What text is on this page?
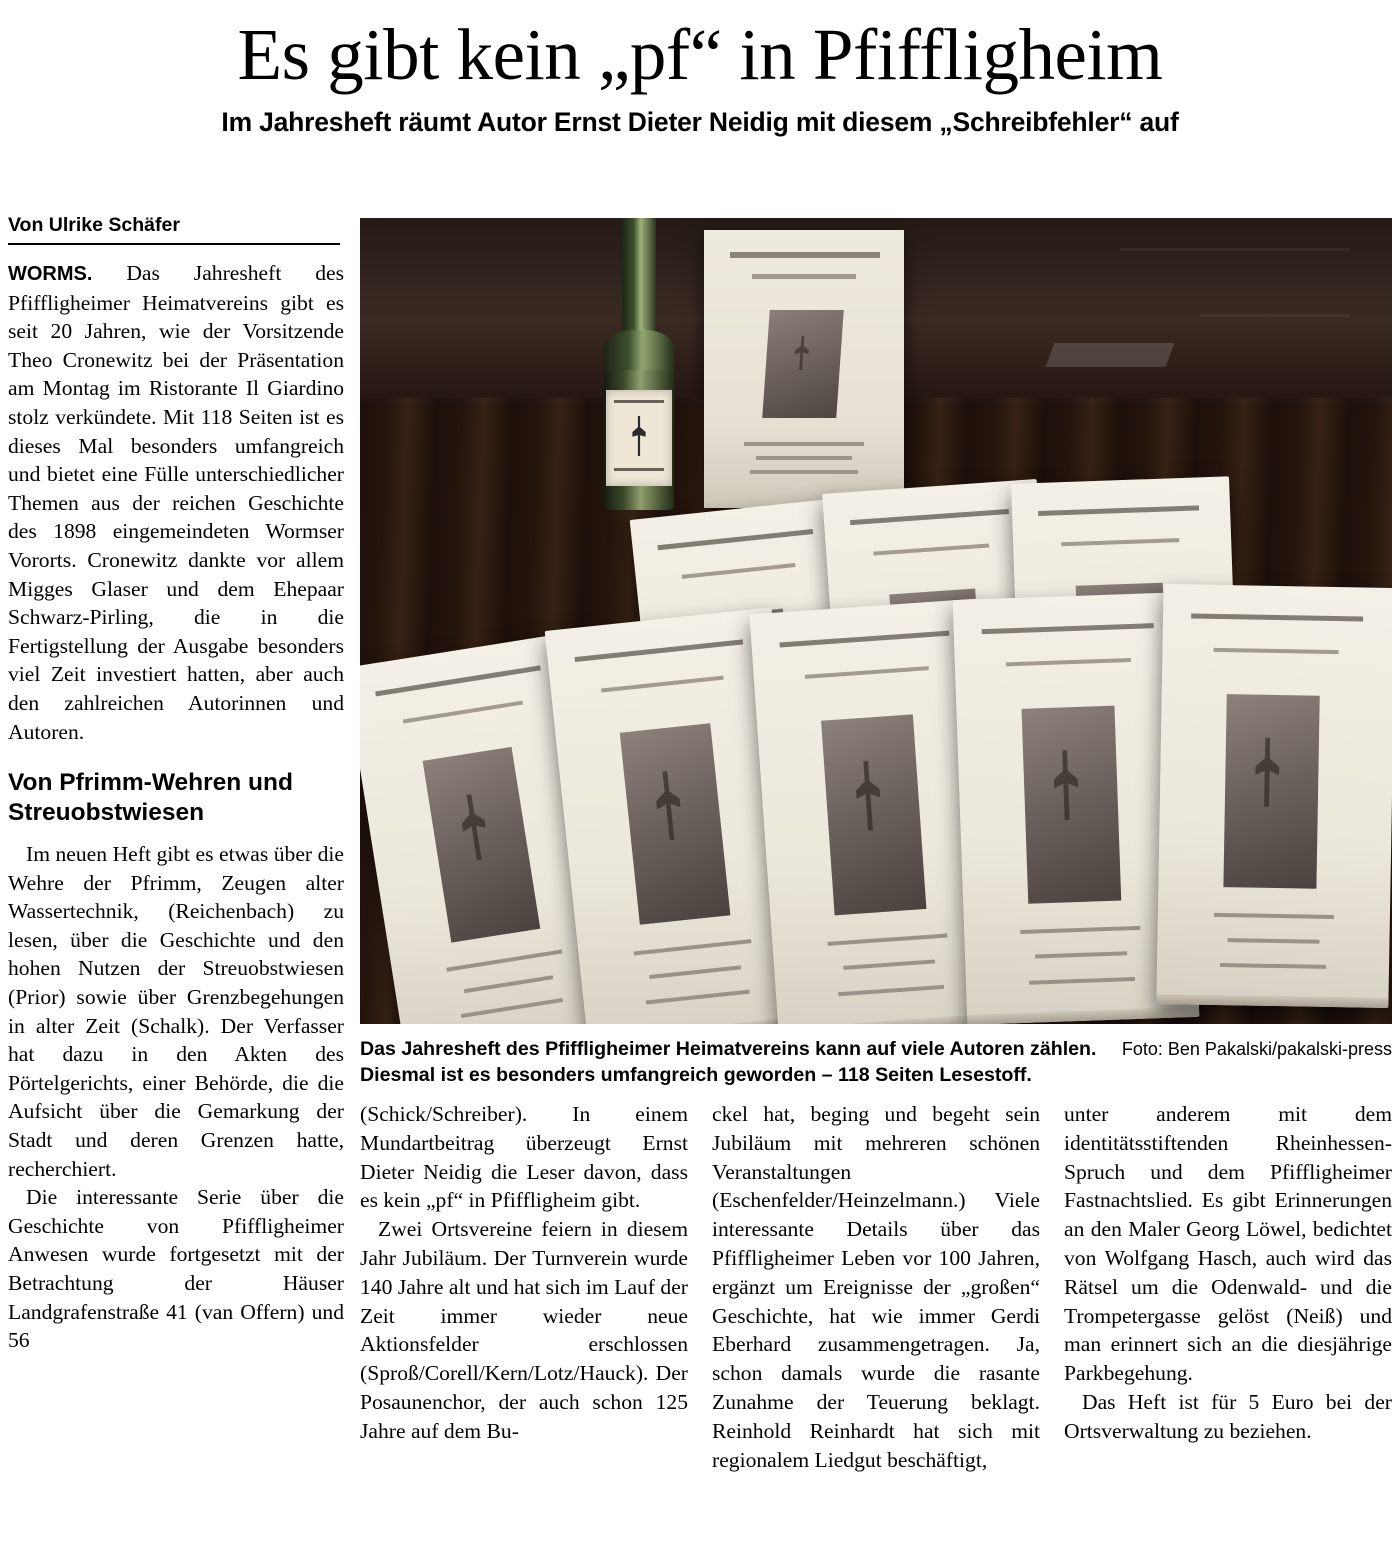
Es gibt kein „pf“ in Pfiffligheim
Im Jahresheft räumt Autor Ernst Dieter Neidig mit diesem „Schreibfehler“ auf
Von Ulrike Schäfer

WORMS. Das Jahresheft des Pfiffligheimer Heimatvereins gibt es seit 20 Jahren, wie der Vorsitzende Theo Cronewitz bei der Präsentation am Montag im Ristorante Il Giardino stolz verkündete. Mit 118 Seiten ist es dieses Mal besonders umfangreich und bietet eine Fülle unterschiedlicher Themen aus der reichen Geschichte des 1898 eingemeindeten Wormser Vororts. Cronewitz dankte vor allem Migges Glaser und dem Ehepaar Schwarz-Pirling, die in die Fertigstellung der Ausgabe besonders viel Zeit investiert hatten, aber auch den zahlreichen Autorinnen und Autoren.

Von Pfrimm-Wehren und Streuobstwiesen

Im neuen Heft gibt es etwas über die Wehre der Pfrimm, Zeugen alter Wassertechnik, (Reichenbach) zu lesen, über die Geschichte und den hohen Nutzen der Streuobstwiesen (Prior) sowie über Grenzbegehungen in alter Zeit (Schalk). Der Verfasser hat dazu in den Akten des Pörtelgerichts, einer Behörde, die die Aufsicht über die Gemarkung der Stadt und deren Grenzen hatte, recherchiert.

Die interessante Serie über die Geschichte von Pfiffligheimer Anwesen wurde fortgesetzt mit der Betrachtung der Häuser Landgrafenstraße 41 (van Offern) und 56

Foto: Ben Pakalski/pakalski-press
Das Jahresheft des Pfiffligheimer Heimatvereins kann auf viele Autoren zählen. Diesmal ist es besonders umfangreich geworden – 118 Seiten Lesestoff.

(Schick/Schreiber). In einem Mundartbeitrag überzeugt Ernst Dieter Neidig die Leser davon, dass es kein „pf“ in Pfiffligheim gibt.

Zwei Ortsvereine feiern in diesem Jahr Jubiläum. Der Turnverein wurde 140 Jahre alt und hat sich im Lauf der Zeit immer wieder neue Aktionsfelder erschlossen (Sproß/Corell/Kern/Lotz/Hauck). Der Posaunenchor, der auch schon 125 Jahre auf dem Bu-

ckel hat, beging und begeht sein Jubiläum mit mehreren schönen Veranstaltungen (Eschenfelder/Heinzelmann.) Viele interessante Details über das Pfiffligheimer Leben vor 100 Jahren, ergänzt um Ereignisse der „großen“ Geschichte, hat wie immer Gerdi Eberhard zusammengetragen. Ja, schon damals wurde die rasante Zunahme der Teuerung beklagt. Reinhold Reinhardt hat sich mit regionalem Liedgut beschäftigt,

unter anderem mit dem identitätsstiftenden Rheinhessen-Spruch und dem Pfiffligheimer Fastnachtslied. Es gibt Erinnerungen an den Maler Georg Löwel, bedichtet von Wolfgang Hasch, auch wird das Rätsel um die Odenwald- und die Trompetergasse gelöst (Neiß) und man erinnert sich an die diesjährige Parkbegehung.

Das Heft ist für 5 Euro bei der Ortsverwaltung zu beziehen.
